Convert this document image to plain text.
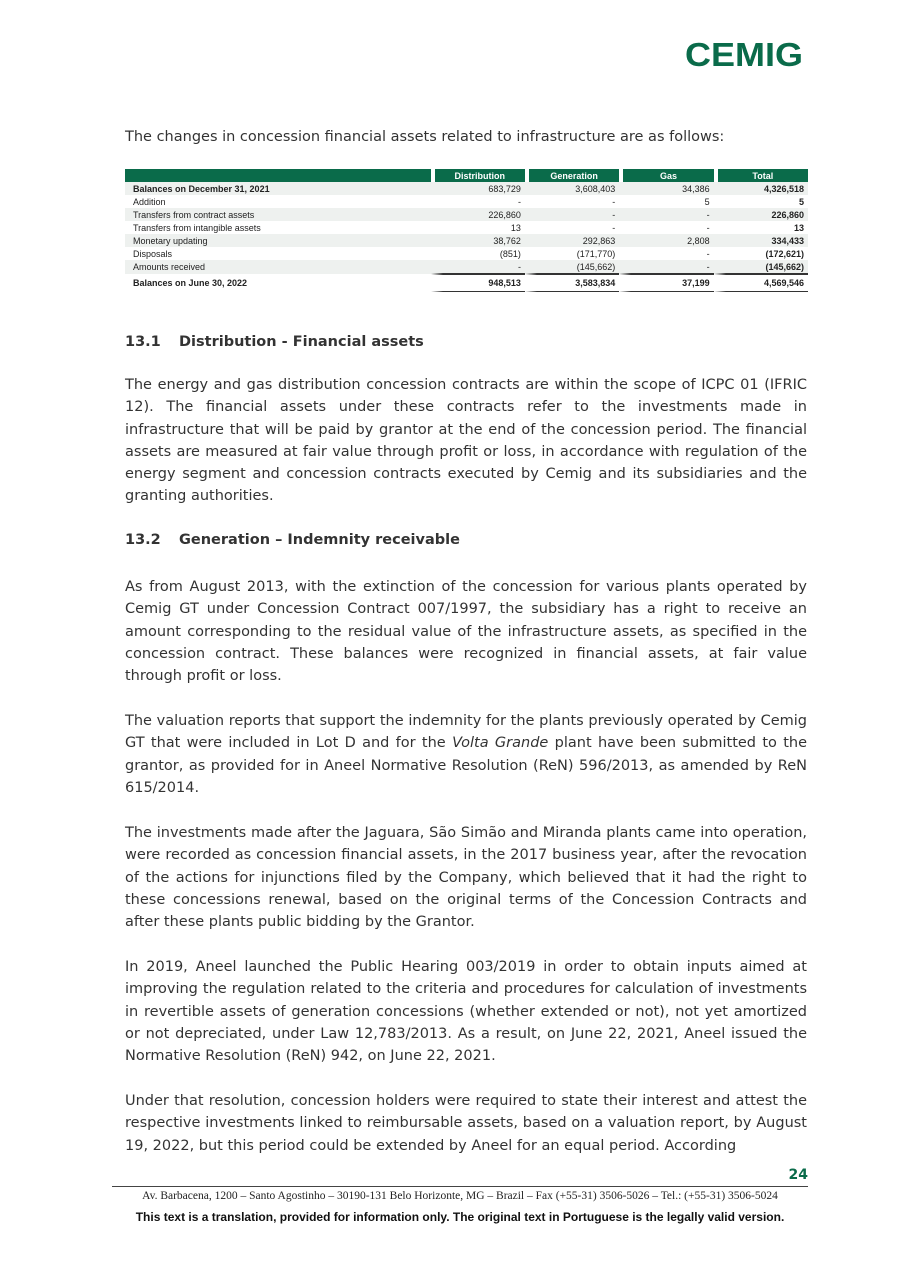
CEMIG

The changes in concession financial assets related to infrastructure are as follows:

	Distribution	Generation	Gas	Total
Balances on December 31, 2021	683,729	3,608,403	34,386	4,326,518
Addition	-	-	5	5
Transfers from contract assets	226,860	-	-	226,860
Transfers from intangible assets	13	-	-	13
Monetary updating	38,762	292,863	2,808	334,433
Disposals	(851)	(171,770)	-	(172,621)
Amounts received	-	(145,662)	-	(145,662)
Balances on June 30, 2022	948,513	3,583,834	37,199	4,569,546
13.1 Distribution - Financial assets

The energy and gas distribution concession contracts are within the scope of ICPC 01 (IFRIC 12). The financial assets under these contracts refer to the investments made in infrastructure that will be paid by grantor at the end of the concession period. The financial assets are measured at fair value through profit or loss, in accordance with regulation of the energy segment and concession contracts executed by Cemig and its subsidiaries and the granting authorities.

13.2 Generation – Indemnity receivable

As from August 2013, with the extinction of the concession for various plants operated by Cemig GT under Concession Contract 007/1997, the subsidiary has a right to receive an amount corresponding to the residual value of the infrastructure assets, as specified in the concession contract. These balances were recognized in financial assets, at fair value through profit or loss.

The valuation reports that support the indemnity for the plants previously operated by Cemig GT that were included in Lot D and for the Volta Grande plant have been submitted to the grantor, as provided for in Aneel Normative Resolution (ReN) 596/2013, as amended by ReN 615/2014.

The investments made after the Jaguara, São Simão and Miranda plants came into operation, were recorded as concession financial assets, in the 2017 business year, after the revocation of the actions for injunctions filed by the Company, which believed that it had the right to these concessions renewal, based on the original terms of the Concession Contracts and after these plants public bidding by the Grantor.

In 2019, Aneel launched the Public Hearing 003/2019 in order to obtain inputs aimed at improving the regulation related to the criteria and procedures for calculation of investments in revertible assets of generation concessions (whether extended or not), not yet amortized or not depreciated, under Law 12,783/2013. As a result, on June 22, 2021, Aneel issued the Normative Resolution (ReN) 942, on June 22, 2021.

Under that resolution, concession holders were required to state their interest and attest the respective investments linked to reimbursable assets, based on a valuation report, by August 19, 2022, but this period could be extended by Aneel for an equal period. According

24
Av. Barbacena, 1200 – Santo Agostinho – 30190-131 Belo Horizonte, MG – Brazil – Fax (+55-31) 3506-5026 – Tel.: (+55-31) 3506-5024
This text is a translation, provided for information only. The original text in Portuguese is the legally valid version.
